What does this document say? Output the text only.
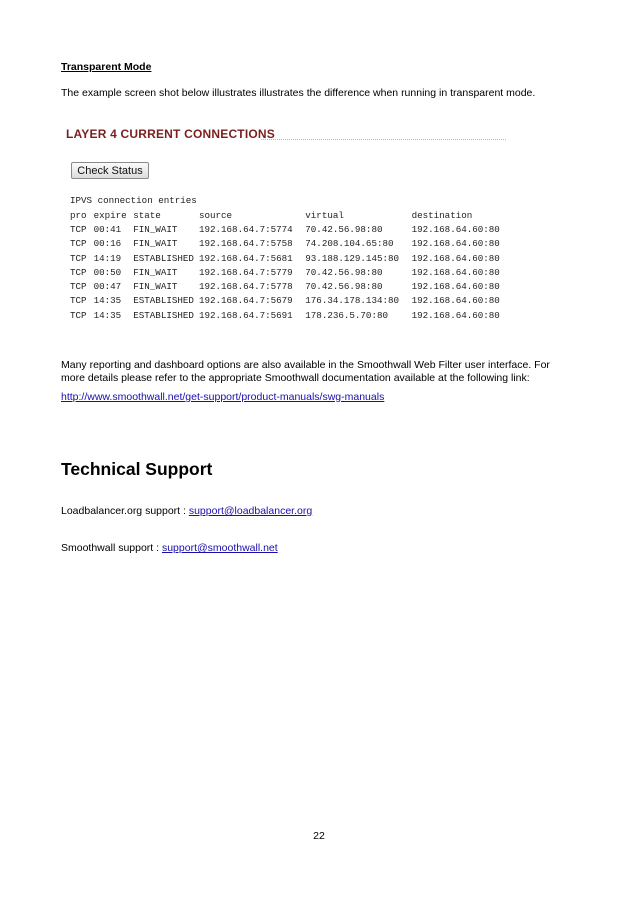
Transparent Mode
The example screen shot below illustrates illustrates the difference when running in transparent mode.
LAYER 4 CURRENT CONNECTIONS
Check Status
IPVS connection entries
pro	expire	state	source	virtual	destination
TCP	00:41	FIN_WAIT	192.168.64.7:5774	70.42.56.98:80	192.168.64.60:80
TCP	00:16	FIN_WAIT	192.168.64.7:5758	74.208.104.65:80	192.168.64.60:80
TCP	14:19	ESTABLISHED	192.168.64.7:5681	93.188.129.145:80	192.168.64.60:80
TCP	00:50	FIN_WAIT	192.168.64.7:5779	70.42.56.98:80	192.168.64.60:80
TCP	00:47	FIN_WAIT	192.168.64.7:5778	70.42.56.98:80	192.168.64.60:80
TCP	14:35	ESTABLISHED	192.168.64.7:5679	176.34.178.134:80	192.168.64.60:80
TCP	14:35	ESTABLISHED	192.168.64.7:5691	178.236.5.70:80	192.168.64.60:80
Many reporting and dashboard options are also available in the Smoothwall Web Filter user interface. For
more details please refer to the appropriate Smoothwall documentation available at the following link:
http://www.smoothwall.net/get-support/product-manuals/swg-manuals
Technical Support
Loadbalancer.org support : support@loadbalancer.org
Smoothwall support : support@smoothwall.net
22
